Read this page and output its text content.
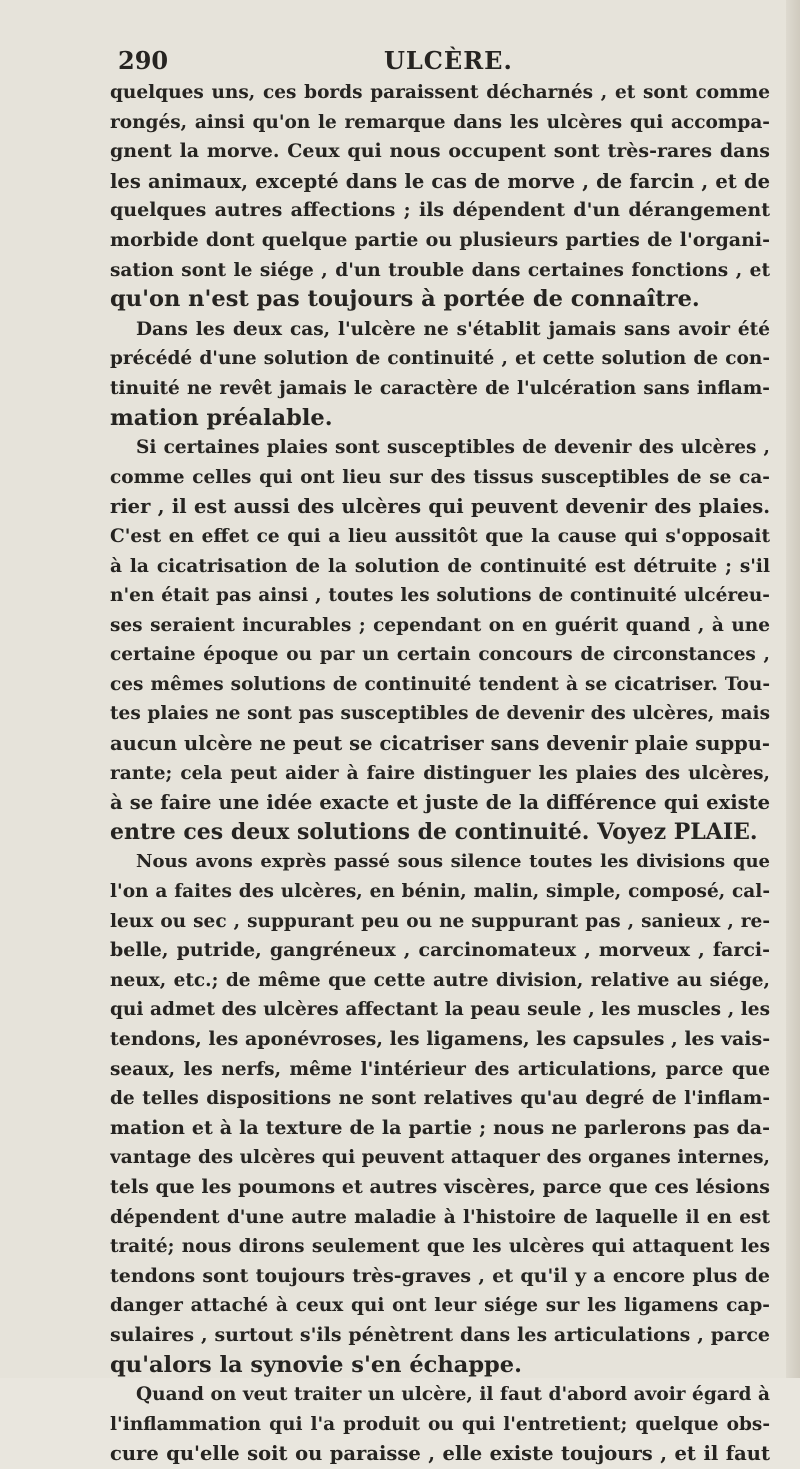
290	ULCÈRE.
quelques uns, ces bords paraissent décharnés , et sont comme
rongés, ainsi qu'on le remarque dans les ulcères qui accompa-
gnent la morve. Ceux qui nous occupent sont très-rares dans
les animaux, excepté dans le cas de morve , de farcin , et de
quelques autres affections ; ils dépendent d'un dérangement
morbide dont quelque partie ou plusieurs parties de l'organi-
sation sont le siége , d'un trouble dans certaines fonctions , et
qu'on n'est pas toujours à portée de connaître.
Dans les deux cas, l'ulcère ne s'établit jamais sans avoir été
précédé d'une solution de continuité , et cette solution de con-
tinuité ne revêt jamais le caractère de l'ulcération sans inflam-
mation préalable.
Si certaines plaies sont susceptibles de devenir des ulcères ,
comme celles qui ont lieu sur des tissus susceptibles de se ca-
rier , il est aussi des ulcères qui peuvent devenir des plaies.
C'est en effet ce qui a lieu aussitôt que la cause qui s'opposait
à la cicatrisation de la solution de continuité est détruite ; s'il
n'en était pas ainsi , toutes les solutions de continuité ulcéreu-
ses seraient incurables ; cependant on en guérit quand , à une
certaine époque ou par un certain concours de circonstances ,
ces mêmes solutions de continuité tendent à se cicatriser. Tou-
tes plaies ne sont pas susceptibles de devenir des ulcères, mais
aucun ulcère ne peut se cicatriser sans devenir plaie suppu-
rante; cela peut aider à faire distinguer les plaies des ulcères,
à se faire une idée exacte et juste de la différence qui existe
entre ces deux solutions de continuité. Voyez PLAIE.
Nous avons exprès passé sous silence toutes les divisions que
l'on a faites des ulcères, en bénin, malin, simple, composé, cal-
leux ou sec , suppurant peu ou ne suppurant pas , sanieux , re-
belle, putride, gangréneux , carcinomateux , morveux , farci-
neux, etc.; de même que cette autre division, relative au siége,
qui admet des ulcères affectant la peau seule , les muscles , les
tendons, les aponévroses, les ligamens, les capsules , les vais-
seaux, les nerfs, même l'intérieur des articulations, parce que
de telles dispositions ne sont relatives qu'au degré de l'inflam-
mation et à la texture de la partie ; nous ne parlerons pas da-
vantage des ulcères qui peuvent attaquer des organes internes,
tels que les poumons et autres viscères, parce que ces lésions
dépendent d'une autre maladie à l'histoire de laquelle il en est
traité; nous dirons seulement que les ulcères qui attaquent les
tendons sont toujours très-graves , et qu'il y a encore plus de
danger attaché à ceux qui ont leur siége sur les ligamens cap-
sulaires , surtout s'ils pénètrent dans les articulations , parce
qu'alors la synovie s'en échappe.
Quand on veut traiter un ulcère, il faut d'abord avoir égard à
l'inflammation qui l'a produit ou qui l'entretient; quelque obs-
cure qu'elle soit ou paraisse , elle existe toujours , et il faut
